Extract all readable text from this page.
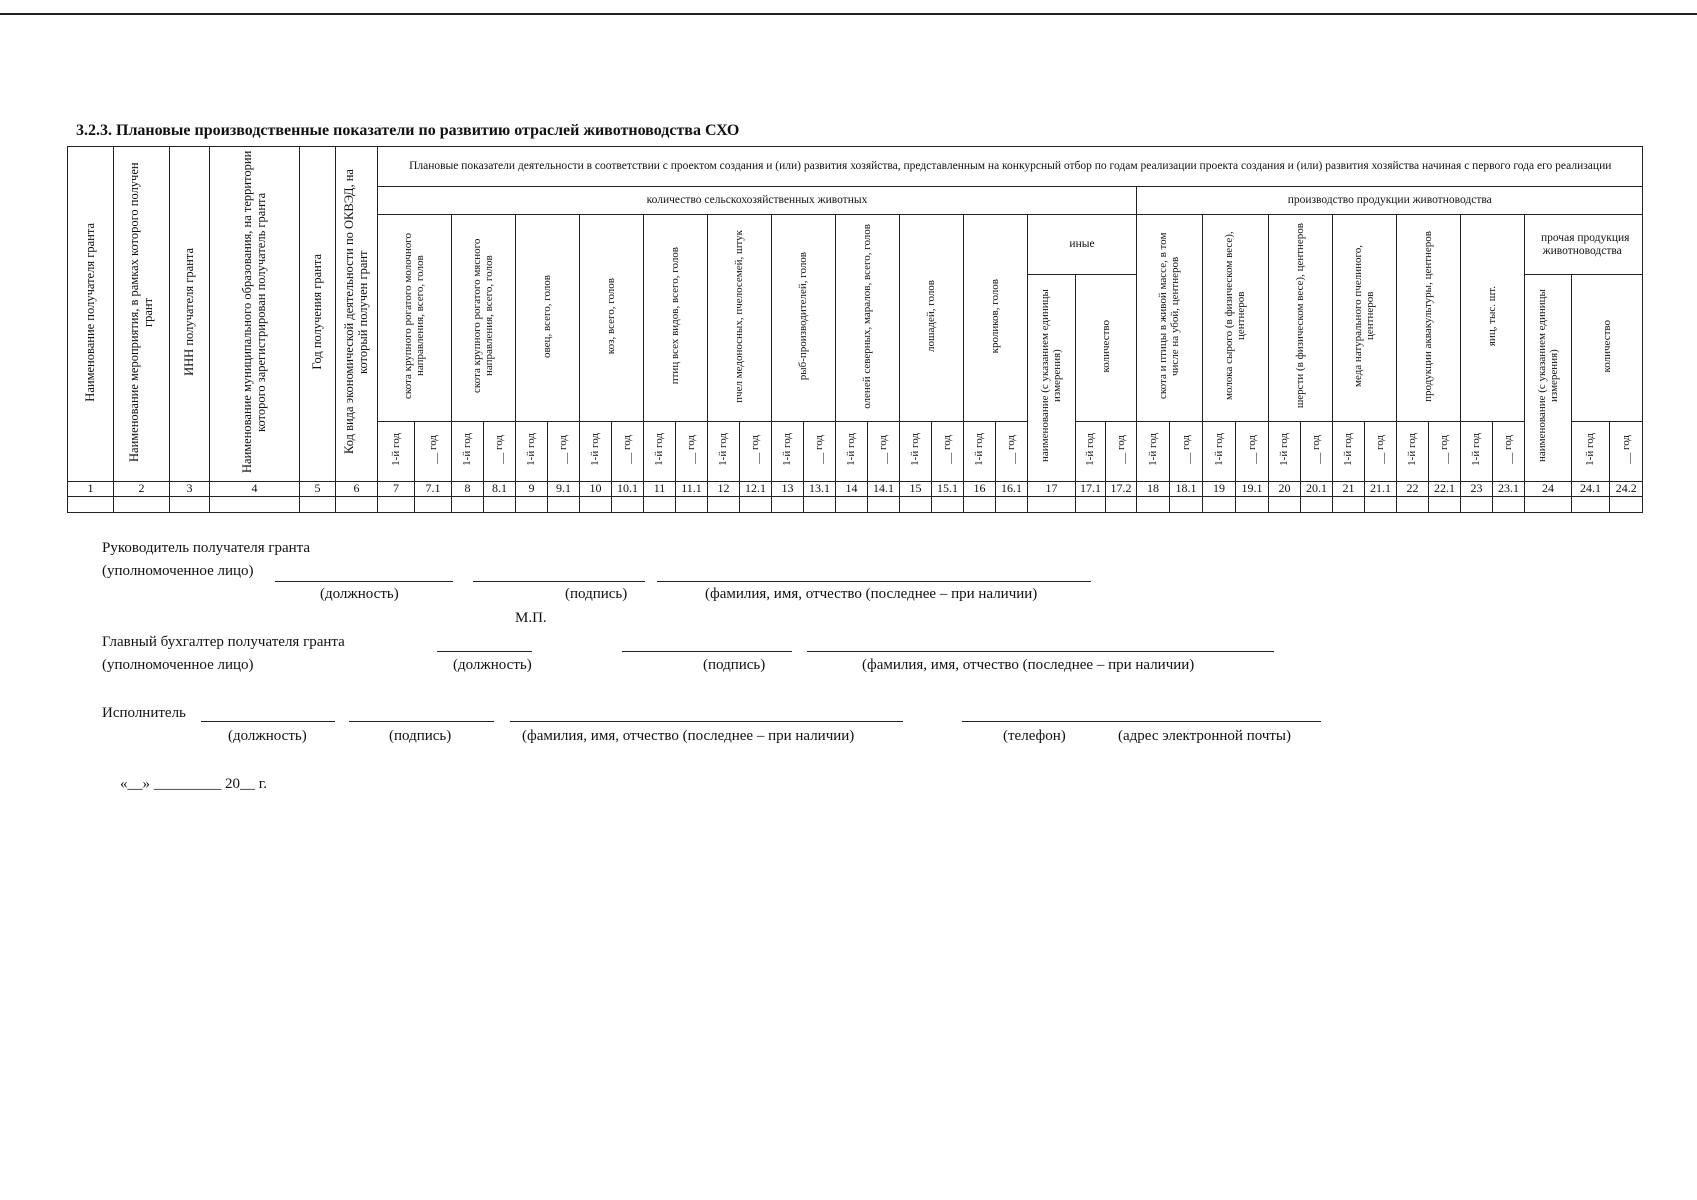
3.2.3. Плановые производственные показатели по развитию отраслей животноводства СХО
Наименование получателя гранта	Наименование мероприятия, в рамках которого получен грант	ИНН получателя гранта	Наименование муниципального образования, на территории которого зарегистрирован получатель гранта	Год получения гранта	Код вида экономической деятельности по ОКВЭД, на который получен грант	Плановые показатели деятельности в соответствии с проектом создания и (или) развития хозяйства, представленным на конкурсный отбор по годам реализации проекта создания и (или) развития хозяйства начиная с первого года его реализации																																					
						количество сельскохозяйственных животных																							производство продукции животноводства														
						скота крупного рогатого молочного направления, всего, голов		скота крупного рогатого мясного направления, всего, голов		овец, всего, голов		коз, всего, голов		птиц всех видов, всего, голов		пчел медоносных, пчелосемей, штук		рыб-производителей, голов		оленей северных, маралов, всего, голов		лошадей, голов		кроликов, голов		иные			скота и птицы в живой массе, в том числе на убой, центнеров		молока сырого (в физическом весе), центнеров		шерсти (в физическом весе), центнеров		меда натурального пчелиного, центнеров		продукции аквакультуры, центнеров		яиц, тыс. шт.		прочая продукция животноводства		
																										наименование (с указанием единицы измерения)	количество														наименование (с указанием единицы измерения)	количество	
						1-й год	__ год	1-й год	__ год	1-й год	__ год	1-й год	__ год	1-й год	__ год	1-й год	__ год	1-й год	__ год	1-й год	__ год	1-й год	__ год	1-й год	__ год		1-й год	__ год	1-й год	__ год	1-й год	__ год	1-й год	__ год	1-й год	__ год	1-й год	__ год	1-й год	__ год		1-й год	__ год
1	2	3	4	5	6	7	7.1	8	8.1	9	9.1	10	10.1	11	11.1	12	12.1	13	13.1	14	14.1	15	15.1	16	16.1	17	17.1	17.2	18	18.1	19	19.1	20	20.1	21	21.1	22	22.1	23	23.1	24	24.1	24.2

Руководитель получателя гранта
(уполномоченное лицо)
(должность)	(подпись)	(фамилия, имя, отчество (последнее – при наличии)
М.П.
Главный бухгалтер получателя гранта
(уполномоченное лицо)	(должность)	(подпись)	(фамилия, имя, отчество (последнее – при наличии)
Исполнитель
(должность)	(подпись)	(фамилия, имя, отчество (последнее – при наличии)	(телефон)	(адрес электронной почты)
«__» _________ 20__ г.
